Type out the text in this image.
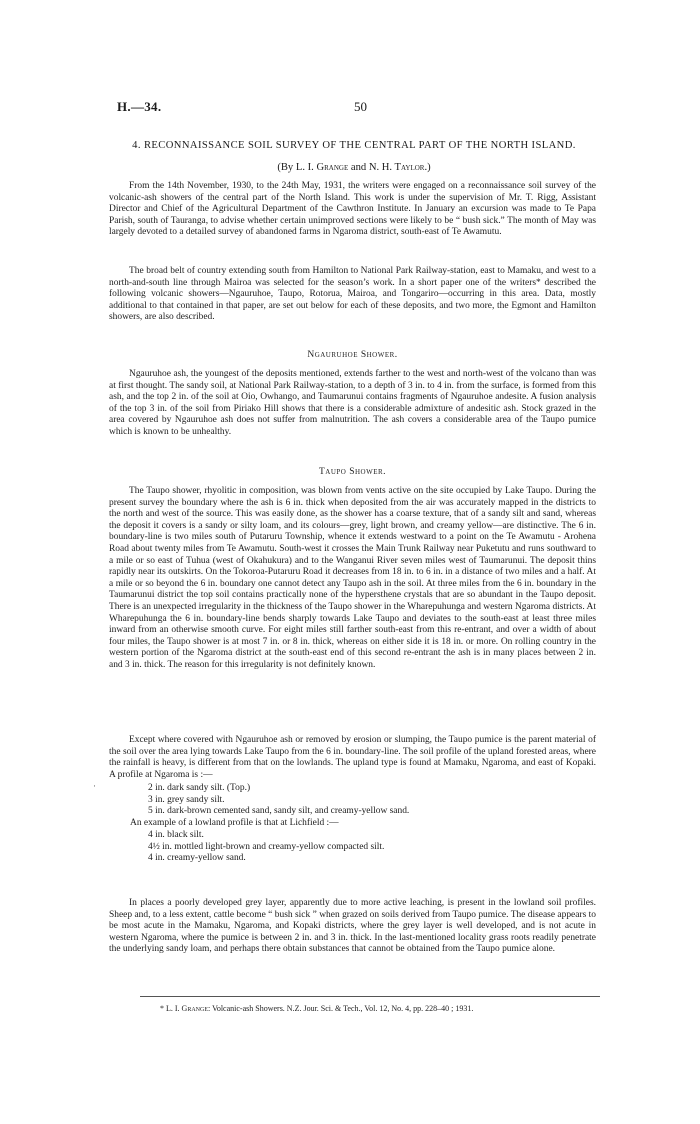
H.—34.	50
4. RECONNAISSANCE SOIL SURVEY OF THE CENTRAL PART OF THE NORTH ISLAND.
(By L. I. Grange and N. H. Taylor.)

From the 14th November, 1930, to the 24th May, 1931, the writers were engaged on a reconnaissance soil survey of the volcanic-ash showers of the central part of the North Island. This work is under the supervision of Mr. T. Rigg, Assistant Director and Chief of the Agricultural Department of the Cawthron Institute. In January an excursion was made to Te Papa Parish, south of Tauranga, to advise whether certain unimproved sections were likely to be “ bush sick.” The month of May was largely devoted to a detailed survey of abandoned farms in Ngaroma district, south-east of Te Awamutu.

The broad belt of country extending south from Hamilton to National Park Railway-station, east to Mamaku, and west to a north-and-south line through Mairoa was selected for the season’s work. In a short paper one of the writers* described the following volcanic showers—Ngauruhoe, Taupo, Rotorua, Mairoa, and Tongariro—occurring in this area. Data, mostly additional to that contained in that paper, are set out below for each of these deposits, and two more, the Egmont and Hamilton showers, are also described.

Ngauruhoe Shower.

Ngauruhoe ash, the youngest of the deposits mentioned, extends farther to the west and north-west of the volcano than was at first thought. The sandy soil, at National Park Railway-station, to a depth of 3 in. to 4 in. from the surface, is formed from this ash, and the top 2 in. of the soil at Oio, Owhango, and Taumarunui contains fragments of Ngauruhoe andesite. A fusion analysis of the top 3 in. of the soil from Piriako Hill shows that there is a considerable admixture of andesitic ash. Stock grazed in the area covered by Ngauruhoe ash does not suffer from malnutrition. The ash covers a considerable area of the Taupo pumice which is known to be unhealthy.

Taupo Shower.

The Taupo shower, rhyolitic in composition, was blown from vents active on the site occupied by Lake Taupo. During the present survey the boundary where the ash is 6 in. thick when deposited from the air was accurately mapped in the districts to the north and west of the source. This was easily done, as the shower has a coarse texture, that of a sandy silt and sand, whereas the deposit it covers is a sandy or silty loam, and its colours—grey, light brown, and creamy yellow—are distinctive. The 6 in. boundary-line is two miles south of Putaruru Township, whence it extends westward to a point on the Te Awamutu - Arohena Road about twenty miles from Te Awamutu. South-west it crosses the Main Trunk Railway near Puketutu and runs southward to a mile or so east of Tuhua (west of Okahukura) and to the Wanganui River seven miles west of Taumarunui. The deposit thins rapidly near its outskirts. On the Tokoroa-Putaruru Road it decreases from 18 in. to 6 in. in a distance of two miles and a half. At a mile or so beyond the 6 in. boundary one cannot detect any Taupo ash in the soil. At three miles from the 6 in. boundary in the Taumarunui district the top soil contains practically none of the hypersthene crystals that are so abundant in the Taupo deposit. There is an unexpected irregularity in the thickness of the Taupo shower in the Wharepuhunga and western Ngaroma districts. At Wharepuhunga the 6 in. boundary-line bends sharply towards Lake Taupo and deviates to the south-east at least three miles inward from an otherwise smooth curve. For eight miles still farther south-east from this re-entrant, and over a width of about four miles, the Taupo shower is at most 7 in. or 8 in. thick, whereas on either side it is 18 in. or more. On rolling country in the western portion of the Ngaroma district at the south-east end of this second re-entrant the ash is in many places between 2 in. and 3 in. thick. The reason for this irregularity is not definitely known.

Except where covered with Ngauruhoe ash or removed by erosion or slumping, the Taupo pumice is the parent material of the soil over the area lying towards Lake Taupo from the 6 in. boundary-line. The soil profile of the upland forested areas, where the rainfall is heavy, is different from that on the lowlands. The upland type is found at Mamaku, Ngaroma, and east of Kopaki. A profile at Ngaroma is :—

·	2 in. dark sandy silt. (Top.)
3 in. grey sandy silt.
5 in. dark-brown cemented sand, sandy silt, and creamy-yellow sand.
An example of a lowland profile is that at Lichfield :—
4 in. black silt.
4½ in. mottled light-brown and creamy-yellow compacted silt.
4 in. creamy-yellow sand.

In places a poorly developed grey layer, apparently due to more active leaching, is present in the lowland soil profiles. Sheep and, to a less extent, cattle become “ bush sick ” when grazed on soils derived from Taupo pumice. The disease appears to be most acute in the Mamaku, Ngaroma, and Kopaki districts, where the grey layer is well developed, and is not acute in western Ngaroma, where the pumice is between 2 in. and 3 in. thick. In the last-mentioned locality grass roots readily penetrate the underlying sandy loam, and perhaps there obtain substances that cannot be obtained from the Taupo pumice alone.

* L. I. Grange: Volcanic-ash Showers. N.Z. Jour. Sci. & Tech., Vol. 12, No. 4, pp. 228–40 ; 1931.
